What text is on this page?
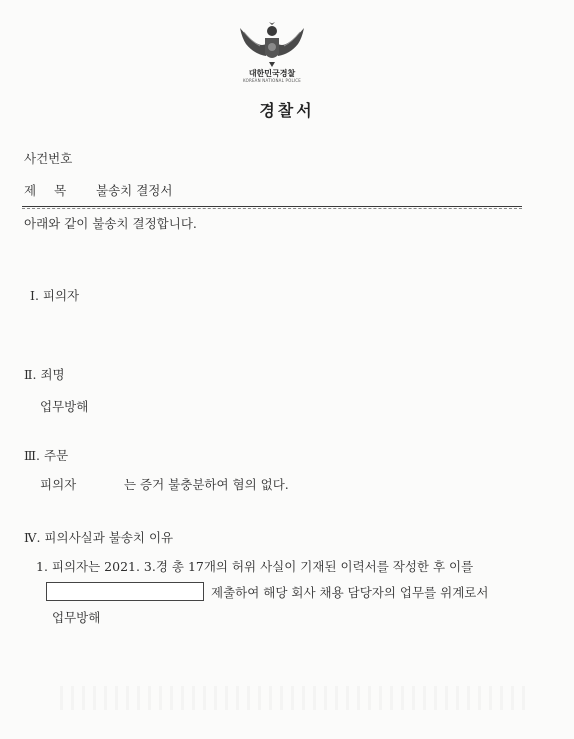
대한민국경찰
KOREAN NATIONAL POLICE
경찰서
사건번호
제목 불송치 결정서
아래와 같이 불송치 결정합니다.
Ⅰ. 피의자
Ⅱ. 죄명
업무방해
Ⅲ. 주문
피의자	는 증거 불충분하여 혐의 없다.
Ⅳ. 피의사실과 불송치 이유
1. 피의자는 2021. 3.경 총 17개의 허위 사실이 기재된 이력서를 작성한 후 이를
제출하여 해당 회사 채용 담당자의 업무를 위계로서
업무방해
